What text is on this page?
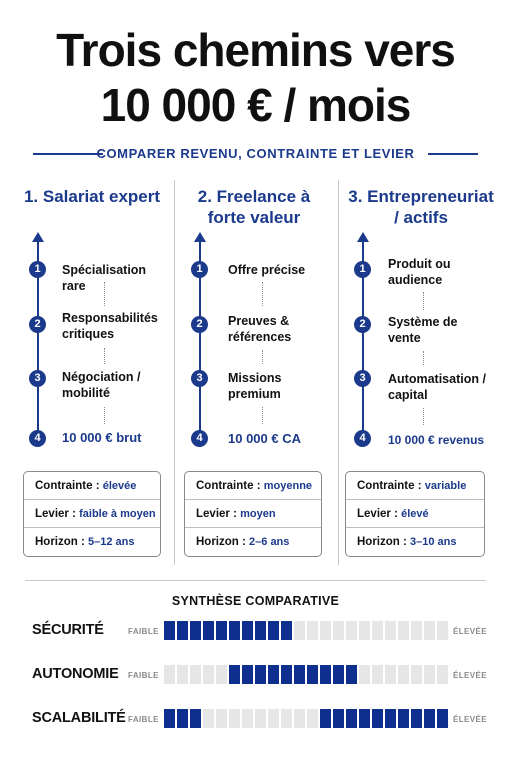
Trois chemins vers
10 000 € / mois
COMPARER REVENU, CONTRAINTE ET LEVIER
1. Salariat expert
1
2
3
4
Spécialisation rare
Responsabilités critiques
Négociation / mobilité
10 000 € brut
Contrainte : élevée
Levier : faible à moyen
Horizon : 5–12 ans
2. Freelance à forte valeur
1
2
3
4
Offre précise
Preuves & références
Missions premium
10 000 € CA
Contrainte : moyenne
Levier : moyen
Horizon : 2–6 ans
3. Entrepreneuriat / actifs
1
2
3
4
Produit ou audience
Système de vente
Automatisation / capital
10 000 € revenus
Contrainte : variable
Levier : élevé
Horizon : 3–10 ans
SYNTHÈSE COMPARATIVE
SÉCURITÉ	FAIBLE	ÉLEVÉE
AUTONOMIE FAIBLE	ÉLEVÉE
SCALABILITÉ FAIBLE	ÉLEVÉE
